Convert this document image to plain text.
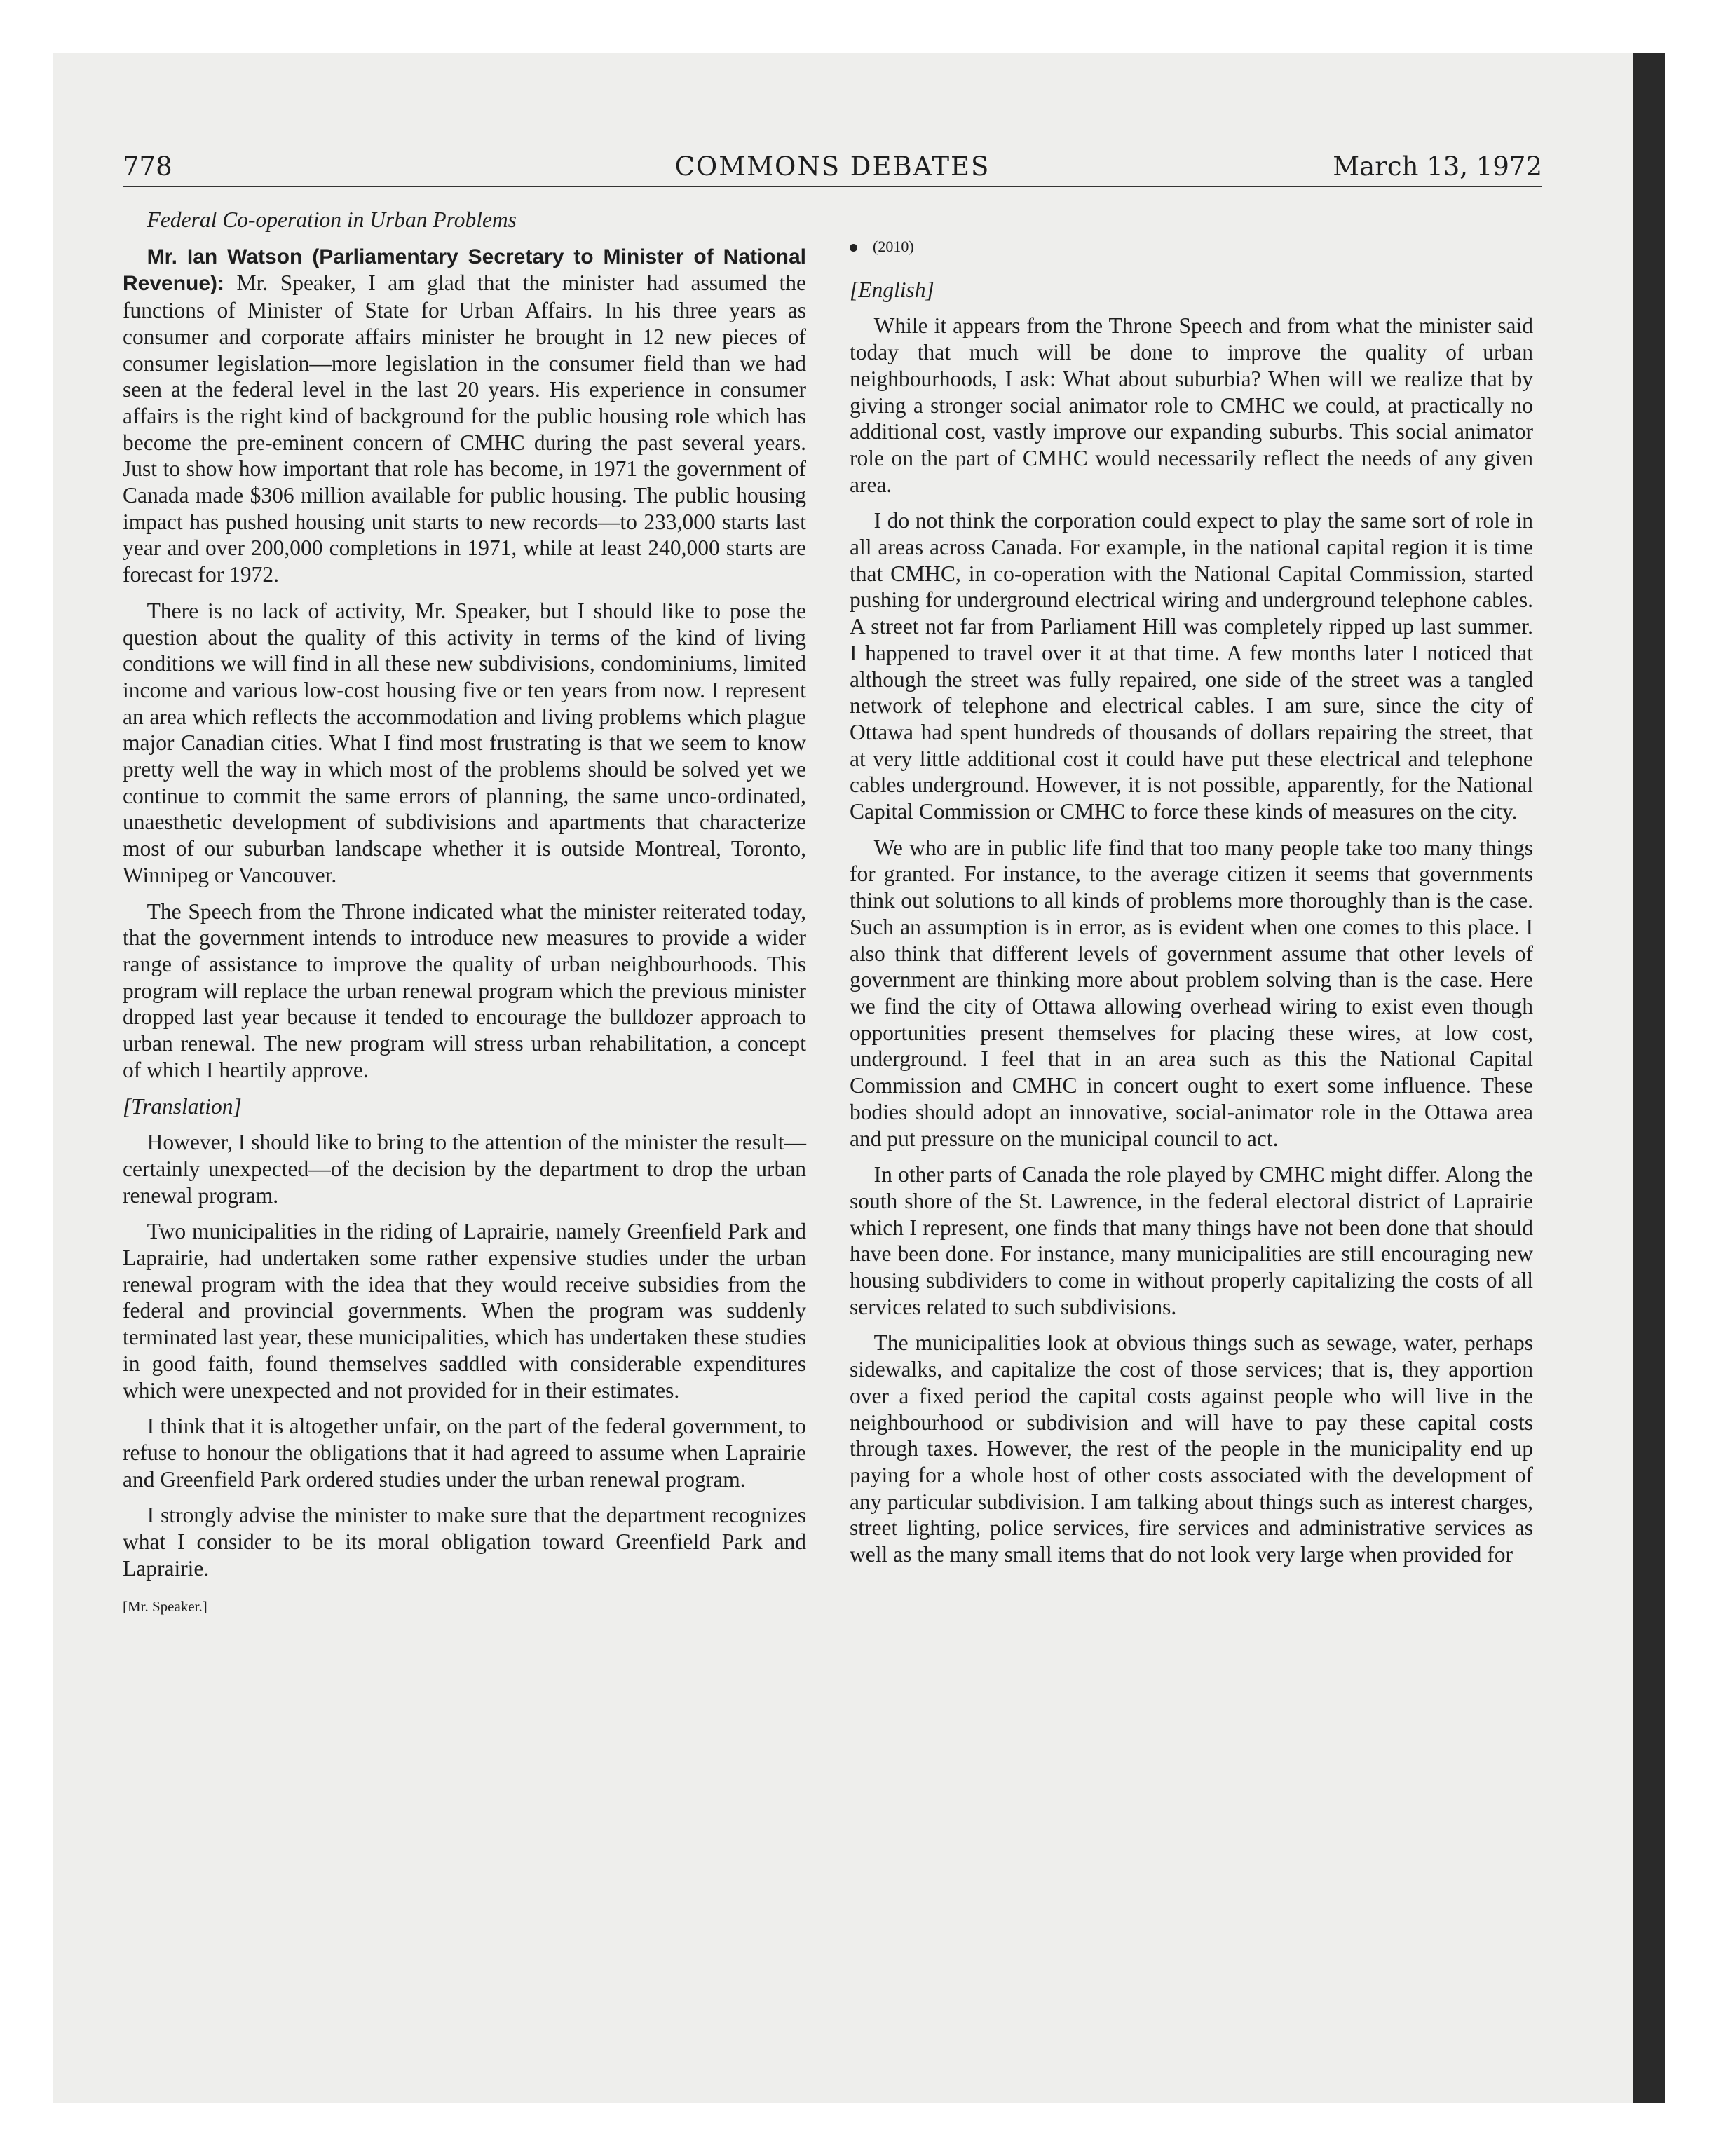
778	COMMONS DEBATES	March 13, 1972

Federal Co-operation in Urban Problems

Mr. Ian Watson (Parliamentary Secretary to Minister of National Revenue): Mr. Speaker, I am glad that the minister had assumed the functions of Minister of State for Urban Affairs. In his three years as consumer and corporate affairs minister he brought in 12 new pieces of consumer legislation—more legislation in the consumer field than we had seen at the federal level in the last 20 years. His experience in consumer affairs is the right kind of background for the public housing role which has become the pre-eminent concern of CMHC during the past several years. Just to show how important that role has become, in 1971 the government of Canada made $306 million available for public housing. The public housing impact has pushed housing unit starts to new records—to 233,000 starts last year and over 200,000 completions in 1971, while at least 240,000 starts are forecast for 1972.

There is no lack of activity, Mr. Speaker, but I should like to pose the question about the quality of this activity in terms of the kind of living conditions we will find in all these new subdivisions, condominiums, limited income and various low-cost housing five or ten years from now. I represent an area which reflects the accommodation and living problems which plague major Canadian cities. What I find most frustrating is that we seem to know pretty well the way in which most of the problems should be solved yet we continue to commit the same errors of planning, the same unco-ordinated, unaesthetic development of subdivisions and apartments that characterize most of our suburban landscape whether it is outside Montreal, Toronto, Winnipeg or Vancouver.

The Speech from the Throne indicated what the minister reiterated today, that the government intends to introduce new measures to provide a wider range of assistance to improve the quality of urban neighbourhoods. This program will replace the urban renewal program which the previous minister dropped last year because it tended to encourage the bulldozer approach to urban renewal. The new program will stress urban rehabilitation, a concept of which I heartily approve.

[Translation]

However, I should like to bring to the attention of the minister the result—certainly unexpected—of the decision by the department to drop the urban renewal program.

Two municipalities in the riding of Laprairie, namely Greenfield Park and Laprairie, had undertaken some rather expensive studies under the urban renewal program with the idea that they would receive subsidies from the federal and provincial governments. When the program was suddenly terminated last year, these municipalities, which has undertaken these studies in good faith, found themselves saddled with considerable expenditures which were unexpected and not provided for in their estimates.

I think that it is altogether unfair, on the part of the federal government, to refuse to honour the obligations that it had agreed to assume when Laprairie and Greenfield Park ordered studies under the urban renewal program.

I strongly advise the minister to make sure that the department recognizes what I consider to be its moral obligation toward Greenfield Park and Laprairie.

[Mr. Speaker.]
(2010)

[English]

While it appears from the Throne Speech and from what the minister said today that much will be done to improve the quality of urban neighbourhoods, I ask: What about suburbia? When will we realize that by giving a stronger social animator role to CMHC we could, at practically no additional cost, vastly improve our expanding suburbs. This social animator role on the part of CMHC would necessarily reflect the needs of any given area.

I do not think the corporation could expect to play the same sort of role in all areas across Canada. For example, in the national capital region it is time that CMHC, in co-operation with the National Capital Commission, started pushing for underground electrical wiring and underground telephone cables. A street not far from Parliament Hill was completely ripped up last summer. I happened to travel over it at that time. A few months later I noticed that although the street was fully repaired, one side of the street was a tangled network of telephone and electrical cables. I am sure, since the city of Ottawa had spent hundreds of thousands of dollars repairing the street, that at very little additional cost it could have put these electrical and telephone cables underground. However, it is not possible, apparently, for the National Capital Commission or CMHC to force these kinds of measures on the city.

We who are in public life find that too many people take too many things for granted. For instance, to the average citizen it seems that governments think out solutions to all kinds of problems more thoroughly than is the case. Such an assumption is in error, as is evident when one comes to this place. I also think that different levels of government assume that other levels of government are thinking more about problem solving than is the case. Here we find the city of Ottawa allowing overhead wiring to exist even though opportunities present themselves for placing these wires, at low cost, underground. I feel that in an area such as this the National Capital Commission and CMHC in concert ought to exert some influence. These bodies should adopt an innovative, social-animator role in the Ottawa area and put pressure on the municipal council to act.

In other parts of Canada the role played by CMHC might differ. Along the south shore of the St. Lawrence, in the federal electoral district of Laprairie which I represent, one finds that many things have not been done that should have been done. For instance, many municipalities are still encouraging new housing subdividers to come in without properly capitalizing the costs of all services related to such subdivisions.

The municipalities look at obvious things such as sewage, water, perhaps sidewalks, and capitalize the cost of those services; that is, they apportion over a fixed period the capital costs against people who will live in the neighbourhood or subdivision and will have to pay these capital costs through taxes. However, the rest of the people in the municipality end up paying for a whole host of other costs associated with the development of any particular subdivision. I am talking about things such as interest charges, street lighting, police services, fire services and administrative services as well as the many small items that do not look very large when provided for
